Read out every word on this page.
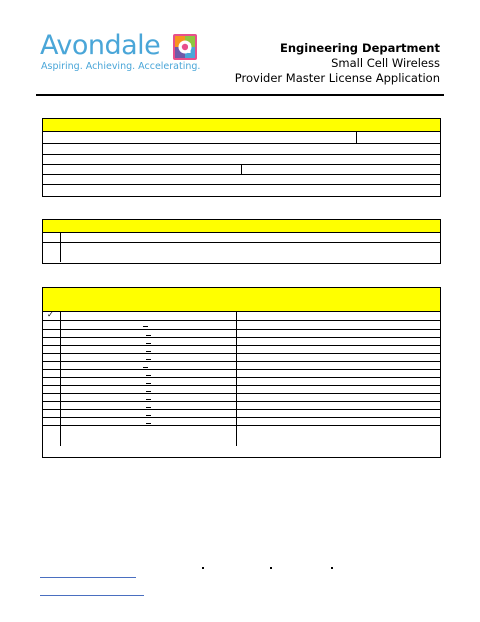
Avondale
Aspiring. Achieving. Accelerating.
Engineering Department
Small Cell Wireless
Provider Master License Application
✓
